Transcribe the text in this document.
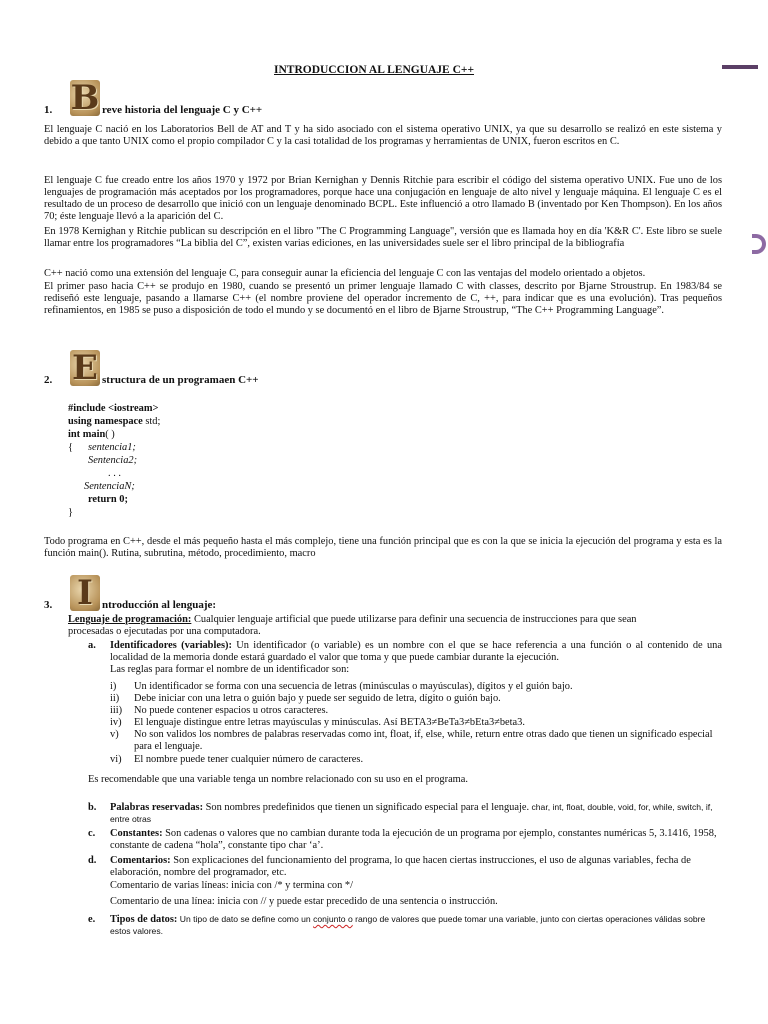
INTRODUCCION AL LENGUAJE C++
1. B reve historia del lenguaje C y C++
El lenguaje C nació en los Laboratorios Bell de AT and T y ha sido asociado con el sistema operativo UNIX, ya que su desarrollo se realizó en este sistema y debido a que tanto UNIX como el propio compilador C y la casi totalidad de los programas y herramientas de UNIX, fueron escritos en C.
El lenguaje C fue creado entre los años 1970 y 1972 por Brian Kernighan y Dennis Ritchie para escribir el código del sistema operativo UNIX. Fue uno de los lenguajes de programación más aceptados por los programadores, porque hace una conjugación en lenguaje de alto nivel y lenguaje máquina. El lenguaje C es el resultado de un proceso de desarrollo que inició con un lenguaje denominado BCPL. Este influenció a otro llamado B (inventado por Ken Thompson). En los años 70; éste lenguaje llevó a la aparición del C.
En 1978 Kernighan y Ritchie publican su descripción en el libro "The C Programming Language", versión que es llamada hoy en día 'K&R C'. Este libro se suele llamar entre los programadores “La biblia del C”, existen varias ediciones, en las universidades suele ser el libro principal de la bibliografía
C++ nació como una extensión del lenguaje C, para conseguir aunar la eficiencia del lenguaje C con las ventajas del modelo orientado a objetos.
El primer paso hacia C++ se produjo en 1980, cuando se presentó un primer lenguaje llamado C with classes, descrito por Bjarne Stroustrup. En 1983/84 se rediseñó este lenguaje, pasando a llamarse C++ (el nombre proviene del operador incremento de C, ++, para indicar que es una evolución). Tras pequeños refinamientos, en 1985 se puso a disposición de todo el mundo y se documentó en el libro de Bjarne Stroustrup, “The C++ Programming Language”.
2. E structura de un programaen C++
#include <iostream>
using namespace std;
int main( )
{ sentencia1;
Sentencia2;
. . .
SentenciaN;
return 0;
}
Todo programa en C++, desde el más pequeño hasta el más complejo, tiene una función principal que es con la que se inicia la ejecución del programa y esta es la función main(). Rutina, subrutina, método, procedimiento, macro
3. I ntroducción al lenguaje:
Lenguaje de programación: Cualquier lenguaje artificial que puede utilizarse para definir una secuencia de instrucciones para que sean
procesadas o ejecutadas por una computadora.
a.	Identificadores (variables): Un identificador (o variable) es un nombre con el que se hace referencia a una función o al contenido de una localidad de la memoria donde estará guardado el valor que toma y que puede cambiar durante la ejecución.
Las reglas para formar el nombre de un identificador son:
i)	Un identificador se forma con una secuencia de letras (minúsculas o mayúsculas), dígitos y el guión bajo.
ii)	Debe iniciar con una letra o guión bajo y puede ser seguido de letra, dígito o guión bajo.
iii)	No puede contener espacios u otros caracteres.
iv)	El lenguaje distingue entre letras mayúsculas y minúsculas. Así BETA3≠BeTa3≠bEta3≠beta3.
v)	No son validos los nombres de palabras reservadas como int, float, if, else, while, return entre otras dado que tienen un significado especial para el lenguaje.
vi)	El nombre puede tener cualquier número de caracteres.
Es recomendable que una variable tenga un nombre relacionado con su uso en el programa.
b.	Palabras reservadas: Son nombres predefinidos que tienen un significado especial para el lenguaje. char, int, float, double, void, for, while, switch, if, entre otras
c.	Constantes: Son cadenas o valores que no cambian durante toda la ejecución de un programa por ejemplo, constantes numéricas 5, 3.1416, 1958, constante de cadena “hola”, constante tipo char ‘a’.
d.	Comentarios: Son explicaciones del funcionamiento del programa, lo que hacen ciertas instrucciones, el uso de algunas variables, fecha de elaboración, nombre del programador, etc.
Comentario de varias líneas: inicia con /* y termina con */
Comentario de una línea: inicia con // y puede estar precedido de una sentencia o instrucción.
e.	Tipos de datos: Un tipo de dato se define como un conjunto o rango de valores que puede tomar una variable, junto con ciertas operaciones válidas sobre estos valores.
